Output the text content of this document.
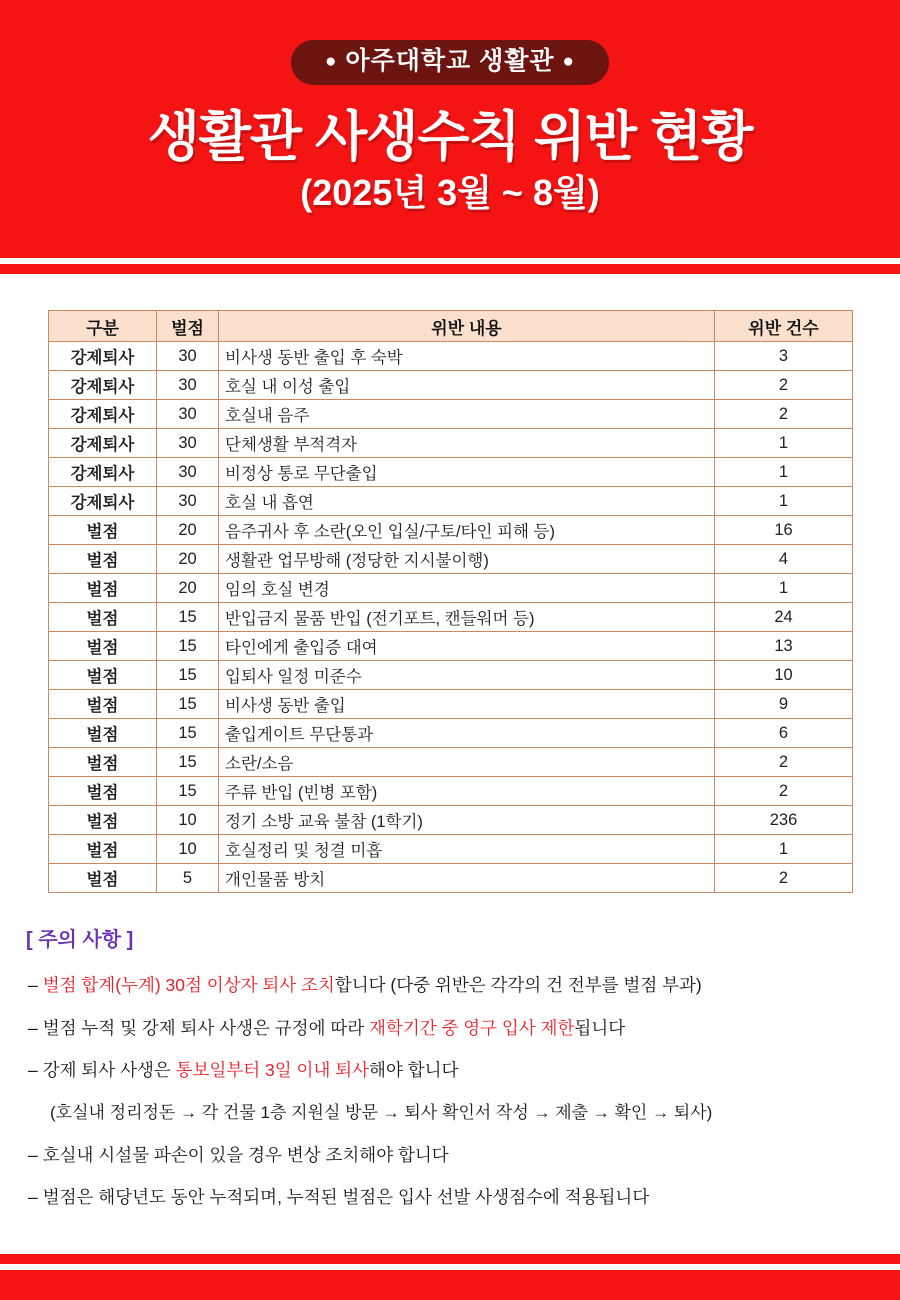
● 아주대학교 생활관 ●
생활관 사생수칙 위반 현황
(2025년 3월 ~ 8월)
구분	벌점	위반 내용	위반 건수
강제퇴사	30	비사생 동반 출입 후 숙박	3
강제퇴사	30	호실 내 이성 출입	2
강제퇴사	30	호실내 음주	2
강제퇴사	30	단체생활 부적격자	1
강제퇴사	30	비정상 통로 무단출입	1
강제퇴사	30	호실 내 흡연	1
벌점	20	음주귀사 후 소란(오인 입실/구토/타인 피해 등)	16
벌점	20	생활관 업무방해 (정당한 지시불이행)	4
벌점	20	임의 호실 변경	1
벌점	15	반입금지 물품 반입 (전기포트, 캔들워머 등)	24
벌점	15	타인에게 출입증 대여	13
벌점	15	입퇴사 일정 미준수	10
벌점	15	비사생 동반 출입	9
벌점	15	출입게이트 무단통과	6
벌점	15	소란/소음	2
벌점	15	주류 반입 (빈병 포함)	2
벌점	10	정기 소방 교육 불참 (1학기)	236
벌점	10	호실정리 및 청결 미흡	1
벌점	5	개인물품 방치	2
[ 주의 사항 ]
– 벌점 합계(누계) 30점 이상자 퇴사 조치합니다 (다중 위반은 각각의 건 전부를 벌점 부과)
– 벌점 누적 및 강제 퇴사 사생은 규정에 따라 재학기간 중 영구 입사 제한됩니다
– 강제 퇴사 사생은 통보일부터 3일 이내 퇴사해야 합니다
(호실내 정리정돈 → 각 건물 1층 지원실 방문 → 퇴사 확인서 작성 → 제출 → 확인 → 퇴사)
– 호실내 시설물 파손이 있을 경우 변상 조치해야 합니다
– 벌점은 해당년도 동안 누적되며, 누적된 벌점은 입사 선발 사생점수에 적용됩니다
